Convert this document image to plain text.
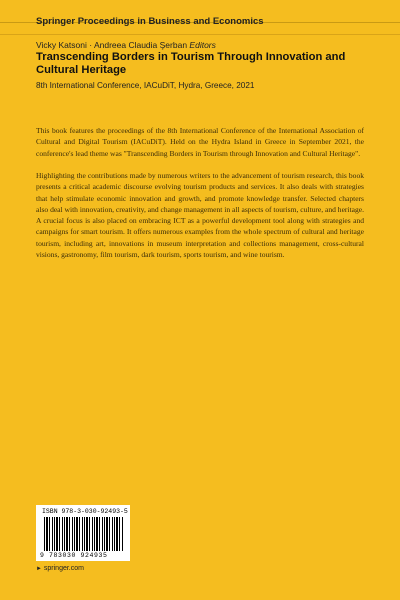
Springer Proceedings in Business and Economics
Vicky Katsoni · Andreea Claudia Şerban Editors
Transcending Borders in Tourism Through Innovation and Cultural Heritage
8th International Conference, IACuDiT, Hydra, Greece, 2021
This book features the proceedings of the 8th International Conference of the International Association of Cultural and Digital Tourism (IACuDiT). Held on the Hydra Island in Greece in September 2021, the conference's lead theme was "Transcending Borders in Tourism through Innovation and Cultural Heritage".
Highlighting the contributions made by numerous writers to the advancement of tourism research, this book presents a critical academic discourse evolving tourism products and services. It also deals with strategies that help stimulate economic innovation and growth, and promote knowledge transfer. Selected chapters also deal with innovation, creativity, and change management in all aspects of tourism, culture, and heritage. A crucial focus is also placed on embracing ICT as a powerful development tool along with strategies and campaigns for smart tourism. It offers numerous examples from the whole spectrum of cultural and heritage tourism, including art, innovations in museum interpretation and collections management, cross-cultural visions, gastronomy, film tourism, dark tourism, sports tourism, and wine tourism.
ISBN 978-3-030-92493-5
9 783030 924935
► springer.com
